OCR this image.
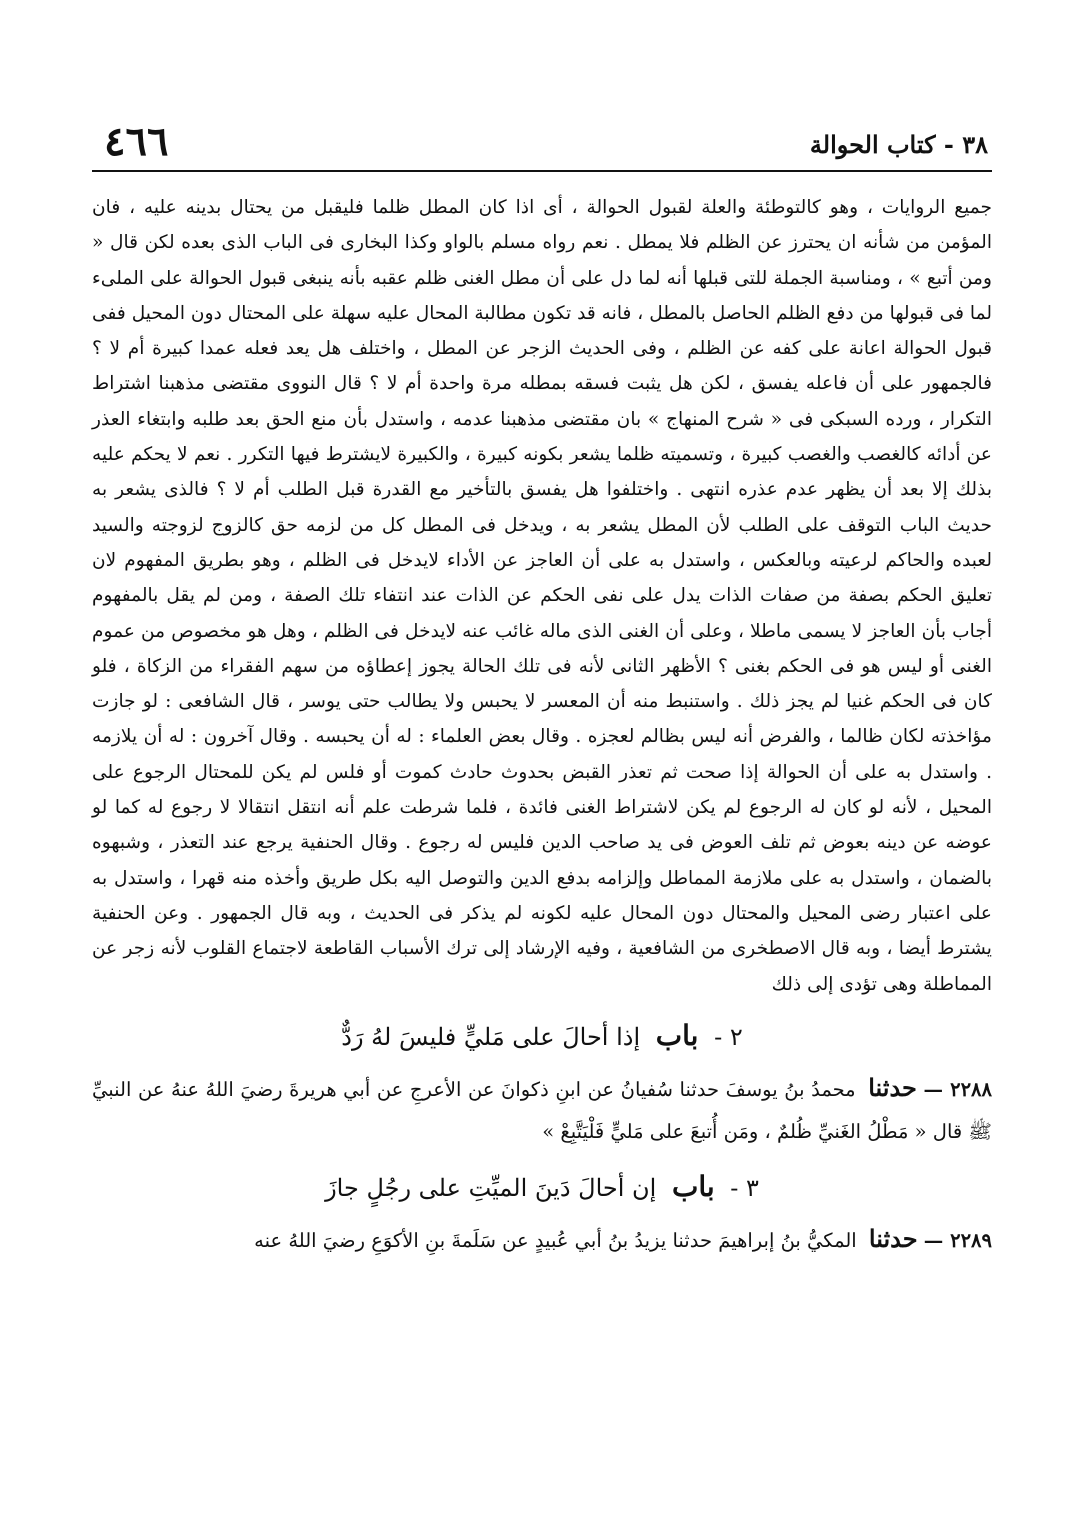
٤٦٦	٣٨ - كتاب الحوالة

جميع الروايات ، وهو كالتوطئة والعلة لقبول الحوالة ، أى اذا كان المطل ظلما فليقبل من يحتال بدينه عليه ، فان المؤمن من شأنه ان يحترز عن الظلم فلا يمطل . نعم رواه مسلم بالواو وكذا البخارى فى الباب الذى بعده لكن قال « ومن أتبع » ، ومناسبة الجملة للتى قبلها أنه لما دل على أن مطل الغنى ظلم عقبه بأنه ينبغى قبول الحوالة على الملىء لما فى قبولها من دفع الظلم الحاصل بالمطل ، فانه قد تكون مطالبة المحال عليه سهلة على المحتال دون المحيل ففى قبول الحوالة اعانة على كفه عن الظلم ، وفى الحديث الزجر عن المطل ، واختلف هل يعد فعله عمدا كبيرة أم لا ؟ فالجمهور على أن فاعله يفسق ، لكن هل يثبت فسقه بمطله مرة واحدة أم لا ؟ قال النووى مقتضى مذهبنا اشتراط التكرار ، ورده السبكى فى « شرح المنهاج » بان مقتضى مذهبنا عدمه ، واستدل بأن منع الحق بعد طلبه وابتغاء العذر عن أدائه كالغصب والغصب كبيرة ، وتسميته ظلما يشعر بكونه كبيرة ، والكبيرة لايشترط فيها التكرر . نعم لا يحكم عليه بذلك إلا بعد أن يظهر عدم عذره انتهى . واختلفوا هل يفسق بالتأخير مع القدرة قبل الطلب أم لا ؟ فالذى يشعر به حديث الباب التوقف على الطلب لأن المطل يشعر به ، ويدخل فى المطل كل من لزمه حق كالزوج لزوجته والسيد لعبده والحاكم لرعيته وبالعكس ، واستدل به على أن العاجز عن الأداء لايدخل فى الظلم ، وهو بطريق المفهوم لان تعليق الحكم بصفة من صفات الذات يدل على نفى الحكم عن الذات عند انتفاء تلك الصفة ، ومن لم يقل بالمفهوم أجاب بأن العاجز لا يسمى ماطلا ، وعلى أن الغنى الذى ماله غائب عنه لايدخل فى الظلم ، وهل هو مخصوص من عموم الغنى أو ليس هو فى الحكم بغنى ؟ الأظهر الثانى لأنه فى تلك الحالة يجوز إعطاؤه من سهم الفقراء من الزكاة ، فلو كان فى الحكم غنيا لم يجز ذلك . واستنبط منه أن المعسر لا يحبس ولا يطالب حتى يوسر ، قال الشافعى : لو جازت مؤاخذته لكان ظالما ، والفرض أنه ليس بظالم لعجزه . وقال بعض العلماء : له أن يحبسه . وقال آخرون : له أن يلازمه . واستدل به على أن الحوالة إذا صحت ثم تعذر القبض بحدوث حادث كموت أو فلس لم يكن للمحتال الرجوع على المحيل ، لأنه لو كان له الرجوع لم يكن لاشتراط الغنى فائدة ، فلما شرطت علم أنه انتقل انتقالا لا رجوع له كما لو عوضه عن دينه بعوض ثم تلف العوض فى يد صاحب الدين فليس له رجوع . وقال الحنفية يرجع عند التعذر ، وشبهوه بالضمان ، واستدل به على ملازمة المماطل وإلزامه بدفع الدين والتوصل اليه بكل طريق وأخذه منه قهرا ، واستدل به على اعتبار رضى المحيل والمحتال دون المحال عليه لكونه لم يذكر فى الحديث ، وبه قال الجمهور . وعن الحنفية يشترط أيضا ، وبه قال الاصطخرى من الشافعية ، وفيه الإرشاد إلى ترك الأسباب القاطعة لاجتماع القلوب لأنه زجر عن المماطلة وهى تؤدى إلى ذلك

٢ - باب إذا أحالَ على مَليٍّ فليسَ لهُ رَدٌّ
٢٢٨٨ — حدثنا محمدُ بنُ يوسفَ حدثنا سُفيانُ عن ابنِ ذكوانَ عن الأعرجِ عن أبي هريرةَ رضيَ اللهُ عنهُ عن النبيِّ ﷺ قال « مَطْلُ الغَنيِّ ظُلمٌ ، ومَن أُتبعَ على مَليٍّ فَلْيَتَّبِعْ »
٣ - باب إن أحالَ دَينَ الميِّتِ على رجُلٍ جازَ
٢٢٨٩ — حدثنا المكيُّ بنُ إبراهيمَ حدثنا يزيدُ بنُ أبي عُبيدٍ عن سَلَمةَ بنِ الأكوَعِ رضيَ اللهُ عنه
